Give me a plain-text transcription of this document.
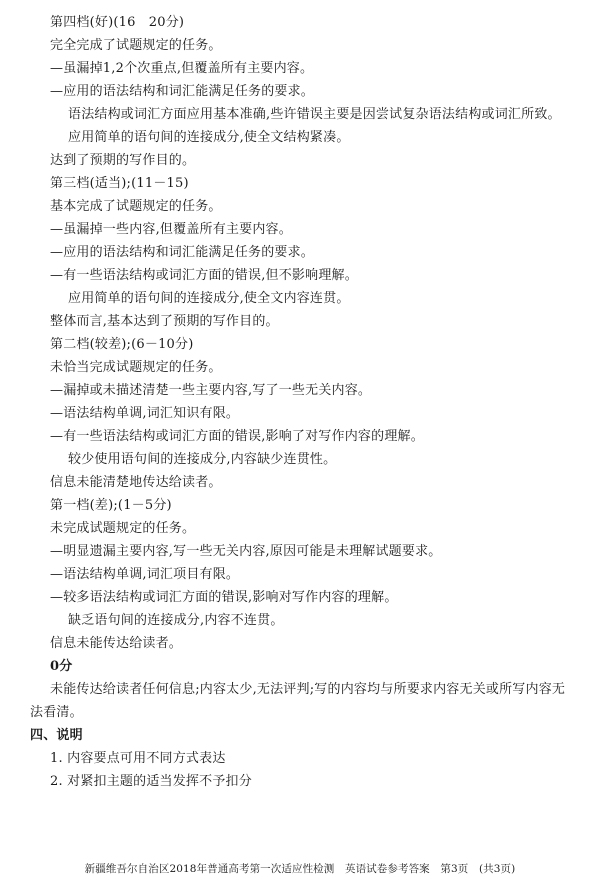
第四档(好)(16　20分)
完全完成了试题规定的任务。
—虽漏掉1,2个次重点,但覆盖所有主要内容。
—应用的语法结构和词汇能满足任务的要求。
语法结构或词汇方面应用基本准确,些许错误主要是因尝试复杂语法结构或词汇所致。
应用简单的语句间的连接成分,使全文结构紧凑。
达到了预期的写作目的。
第三档(适当);(11－15)
基本完成了试题规定的任务。
—虽漏掉一些内容,但覆盖所有主要内容。
—应用的语法结构和词汇能满足任务的要求。
—有一些语法结构或词汇方面的错误,但不影响理解。
应用简单的语句间的连接成分,使全文内容连贯。
整体而言,基本达到了预期的写作目的。
第二档(较差);(6－10分)
未恰当完成试题规定的任务。
—漏掉或未描述清楚一些主要内容,写了一些无关内容。
—语法结构单调,词汇知识有限。
—有一些语法结构或词汇方面的错误,影响了对写作内容的理解。
较少使用语句间的连接成分,内容缺少连贯性。
信息未能清楚地传达给读者。
第一档(差);(1－5分)
未完成试题规定的任务。
—明显遗漏主要内容,写一些无关内容,原因可能是未理解试题要求。
—语法结构单调,词汇项目有限。
—较多语法结构或词汇方面的错误,影响对写作内容的理解。
缺乏语句间的连接成分,内容不连贯。
信息未能传达给读者。
0分
未能传达给读者任何信息;内容太少,无法评判;写的内容均与所要求内容无关或所写内容无法看清。
四、说明
1. 内容要点可用不同方式表达
2. 对紧扣主题的适当发挥不予扣分
新疆维吾尔自治区2018年普通高考第一次适应性检测　英语试卷参考答案　第3页　(共3页)
